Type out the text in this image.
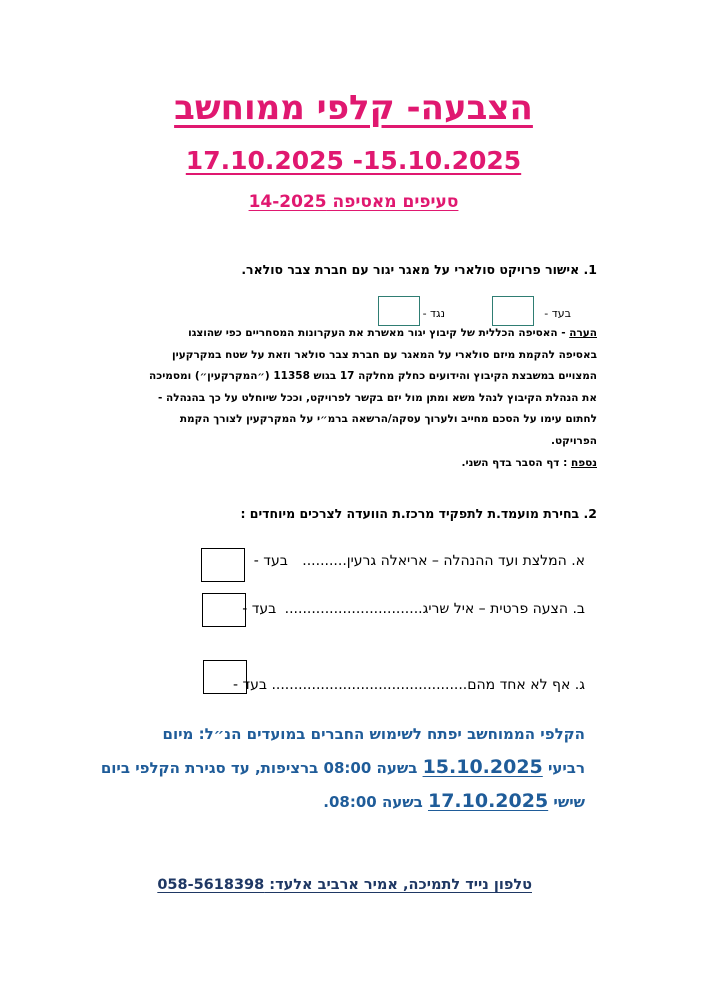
הצבעה- קלפי ממוחשב
17.10.2025 -15.10.2025
סעיפים מאסיפה 14-2025
1. אישור פרויקט סולארי על מאגר יגור עם חברת צבר סולאר.
בעד -
נגד -
הערה - האסיפה הכללית של קיבוץ יגור מאשרת את העקרונות המסחריים כפי שהוצגו
באסיפה להקמת מיזם סולארי על המאגר עם חברת צבר סולאר וזאת על שטח במקרקעין
המצויים במשבצת הקיבוץ והידועים כחלק מחלקה 17 בגוש 11358 (״המקרקעין״) ומסמיכה
את הנהלת הקיבוץ לנהל משא ומתן מול יזם בקשר לפרויקט, וככל שיוחלט על כך בהנהלה -
לחתום עימו על הסכם מחייב ולערוך עסקה/הרשאה ברמ״י על המקרקעין לצורך הקמת
הפרויקט.
נספח : דף הסבר בדף השני.
2. בחירת מועמד.ת לתפקיד מרכז.ת הוועדה לצרכים מיוחדים :
א. המלצת ועד ההנהלה – אריאלה גרעין.......... בעד -
ב. הצעה פרטית – איל שריג............................... בעד -
ג. אף לא אחד מהם............................................ בעד -
הקלפי הממוחשב יפתח לשימוש החברים במועדים הנ״ל: מיום
רביעי 15.10.2025 בשעה 08:00 ברציפות, עד סגירת הקלפי ביום
שישי 17.10.2025 בשעה 08:00.
טלפון נייד לתמיכה, אמיר ארביב אלעד: 058-5618398
